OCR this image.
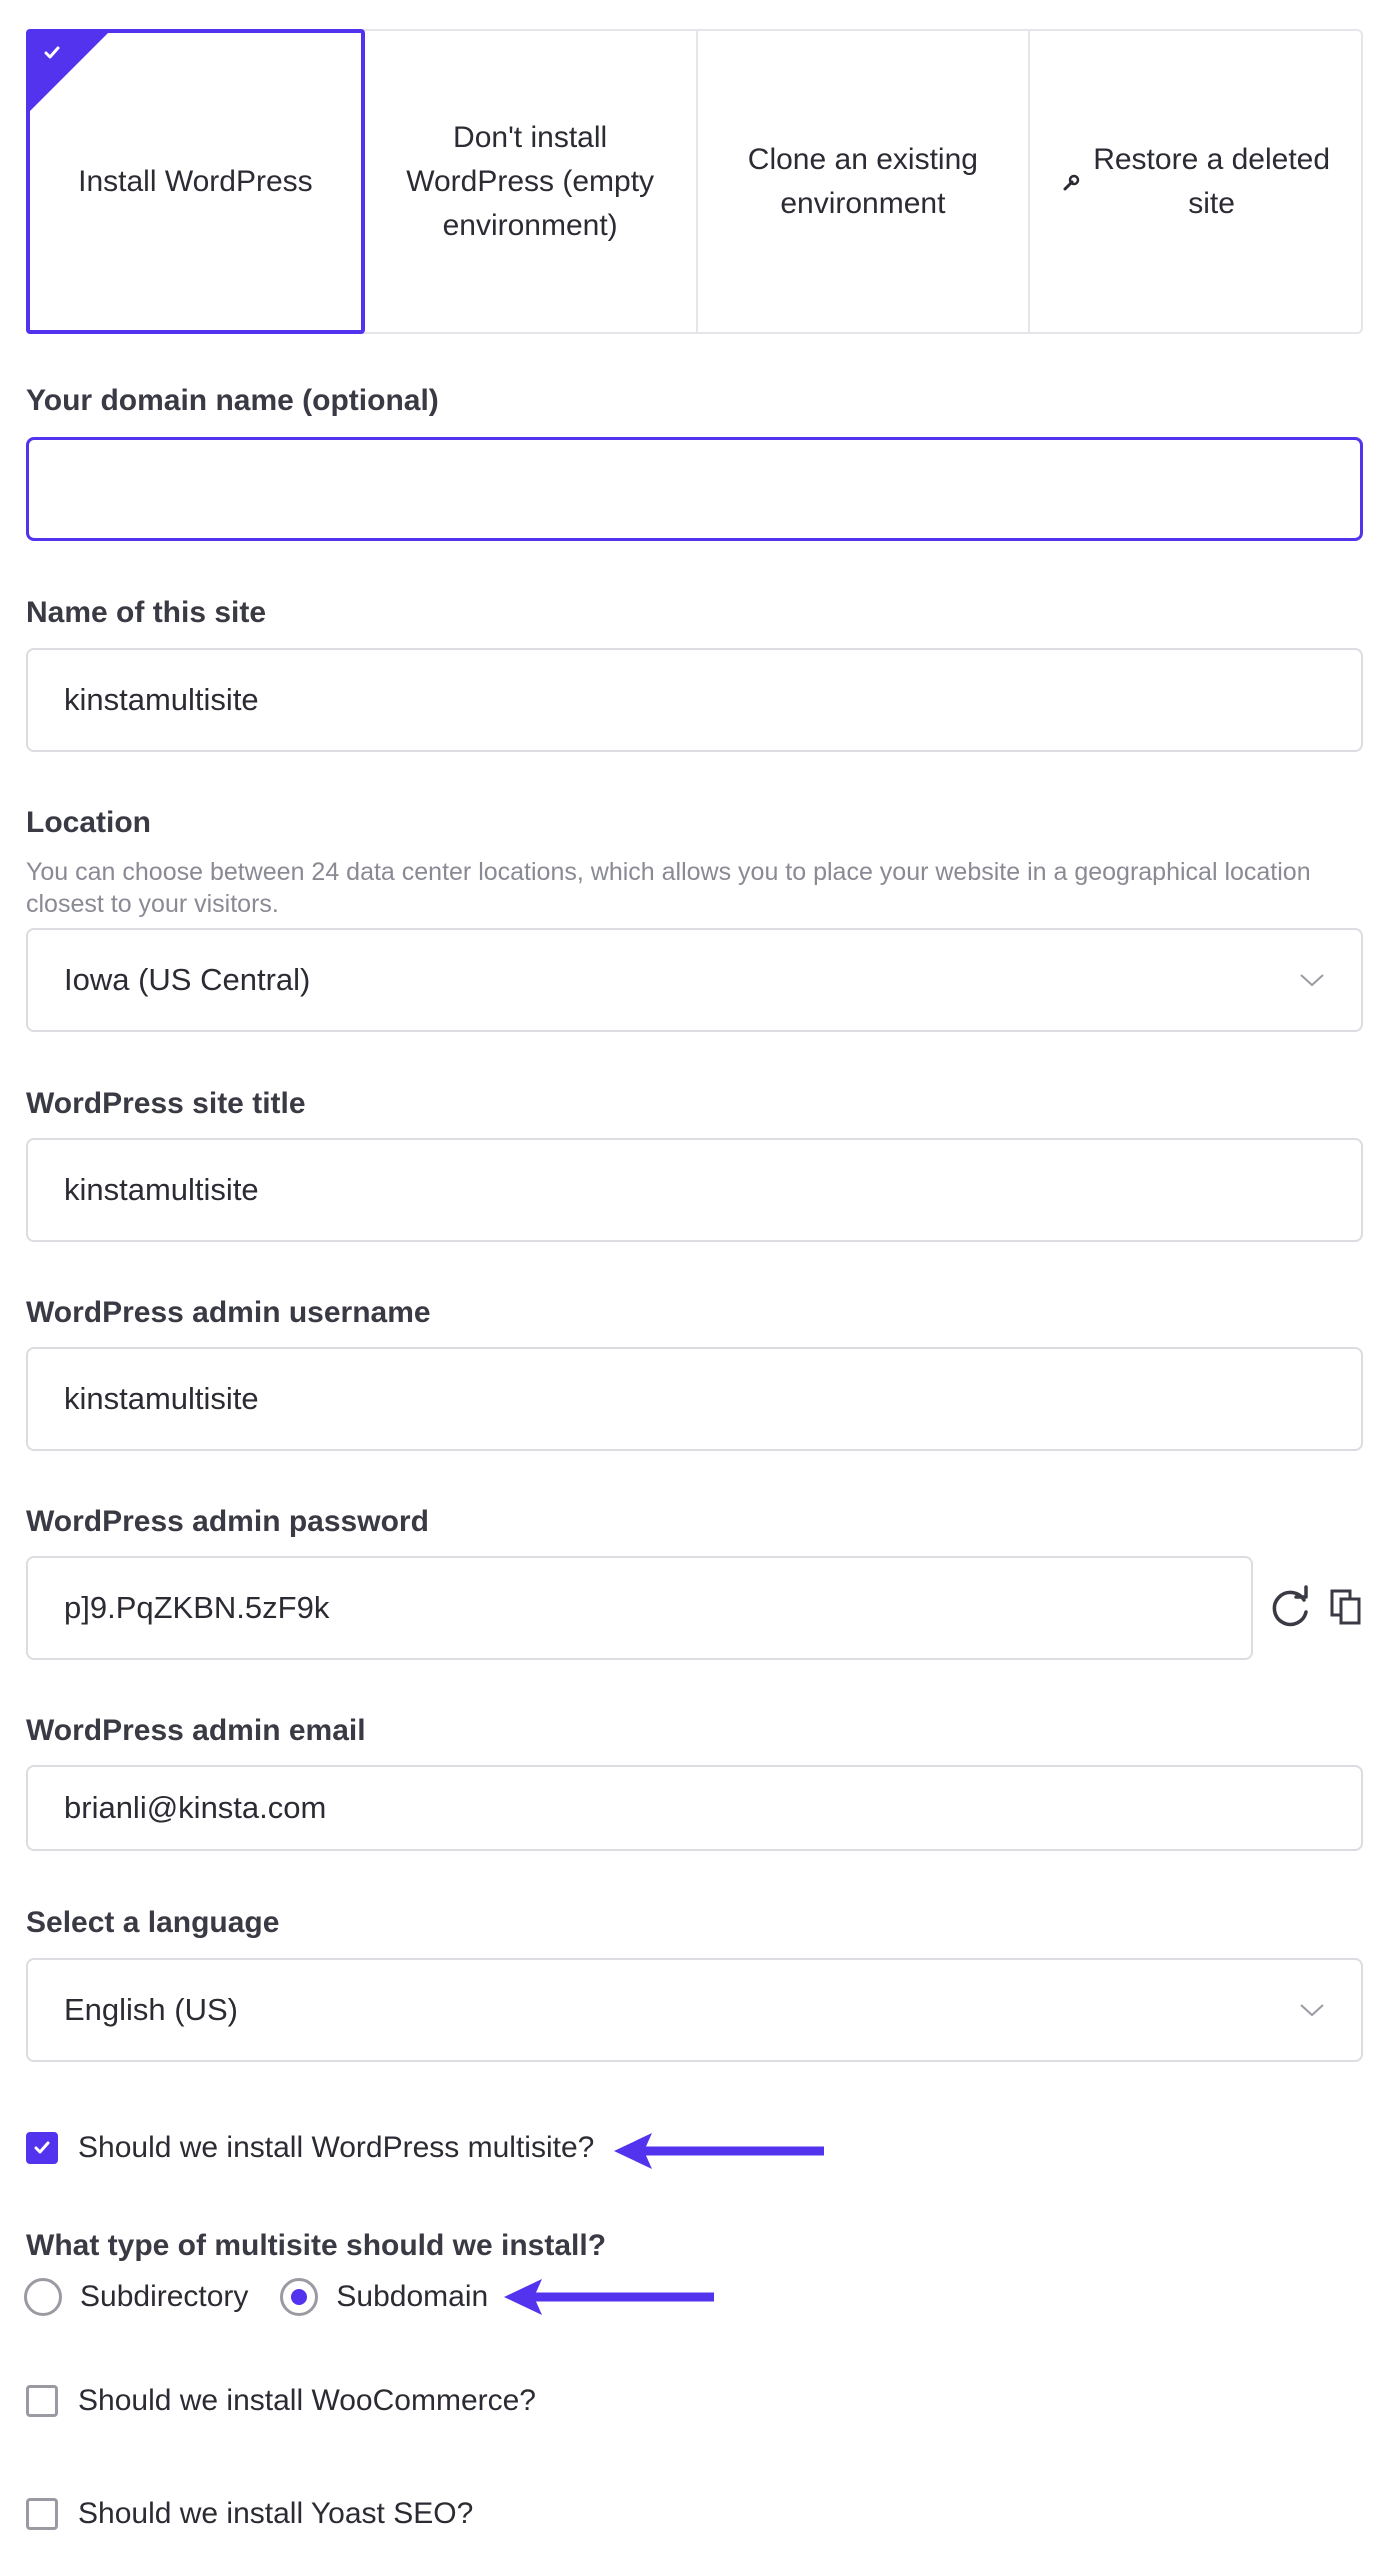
Install WordPress
Don't install
WordPress (empty
environment)
Clone an existing
environment
Restore a deleted
site
Your domain name (optional)
Name of this site
kinstamultisite
Location
You can choose between 24 data center locations, which allows you to place your website in a geographical location closest to your visitors.
Iowa (US Central)
WordPress site title
kinstamultisite
WordPress admin username
kinstamultisite
WordPress admin password
p]9.PqZKBN.5zF9k
WordPress admin email
brianli@kinsta.com
Select a language
English (US)
Should we install WordPress multisite?
What type of multisite should we install?
Subdirectory	Subdomain
Should we install WooCommerce?
Should we install Yoast SEO?
